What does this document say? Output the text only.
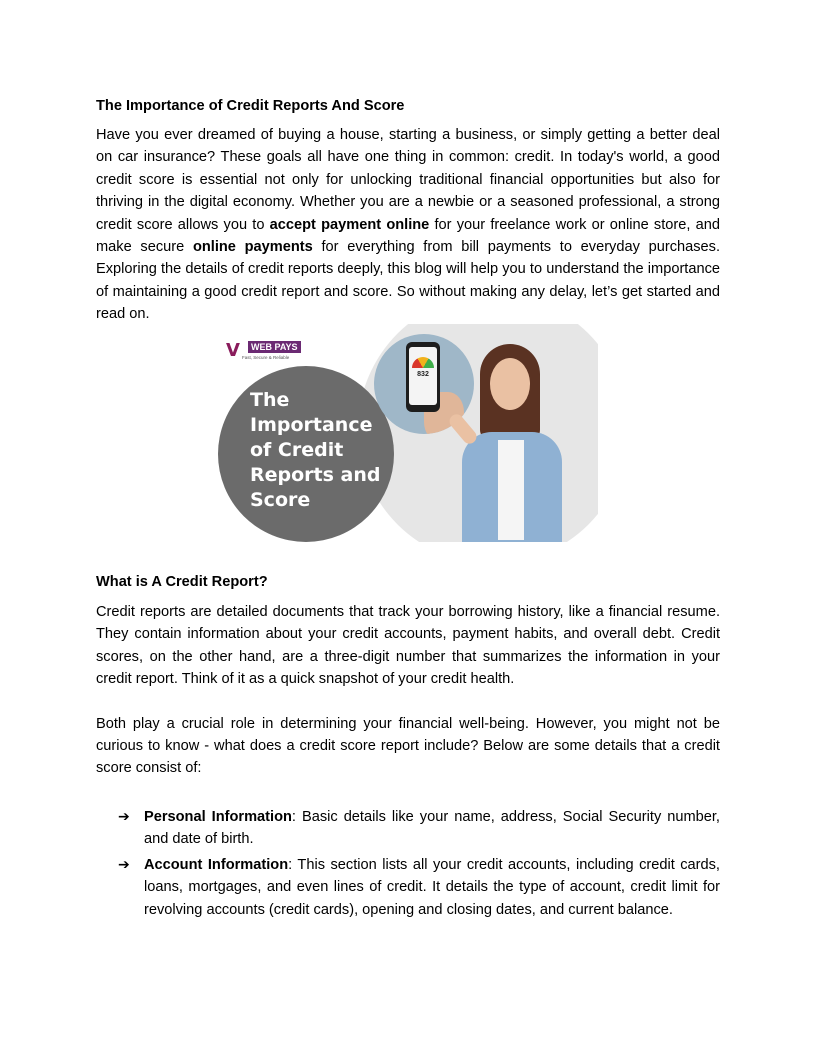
The Importance of Credit Reports And Score

Have you ever dreamed of buying a house, starting a business, or simply getting a better deal on car insurance? These goals all have one thing in common: credit. In today's world, a good credit score is essential not only for unlocking traditional financial opportunities but also for thriving in the digital economy. Whether you are a newbie or a seasoned professional, a strong credit score allows you to accept payment online for your freelance work or online store, and make secure online payments for everything from bill payments to everyday purchases. Exploring the details of credit reports deeply, this blog will help you to understand the importance of maintaining a good credit report and score. So without making any delay, let’s get started and read on.

V	WEB PAYS
Fast, Secure & Reliable
The Importance of Credit Reports and Score
832

What is A Credit Report?

Credit reports are detailed documents that track your borrowing history, like a financial resume. They contain information about your credit accounts, payment habits, and overall debt. Credit scores, on the other hand, are a three-digit number that summarizes the information in your credit report. Think of it as a quick snapshot of your credit health.

Both play a crucial role in determining your financial well-being. However, you might not be curious to know - what does a credit score report include? Below are some details that a credit score consist of:

➔ Personal Information: Basic details like your name, address, Social Security number, and date of birth.
➔ Account Information: This section lists all your credit accounts, including credit cards, loans, mortgages, and even lines of credit. It details the type of account, credit limit for revolving accounts (credit cards), opening and closing dates, and current balance.
